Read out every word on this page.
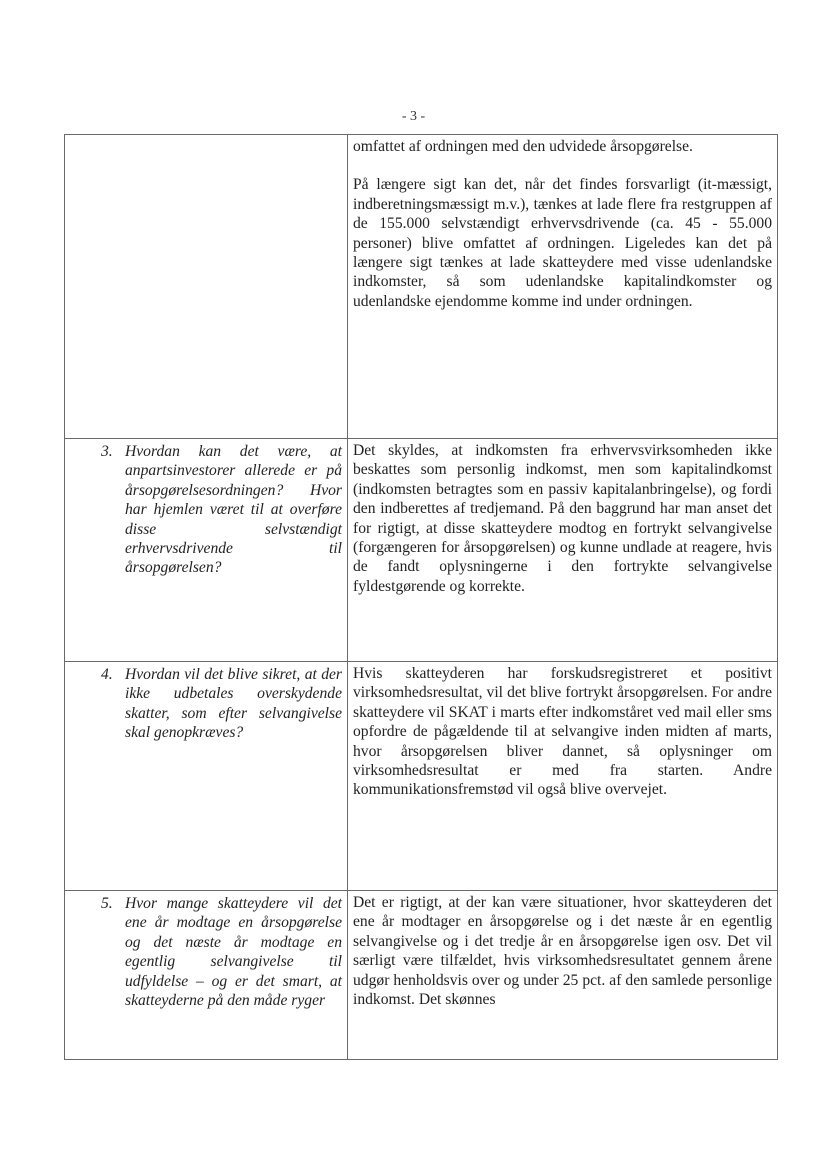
- 3 -

	omfattet af ordningen med den udvidede årsopgørelse.

På længere sigt kan det, når det findes forsvarligt (it-mæssigt, indberetningsmæssigt m.v.), tænkes at lade flere fra restgruppen af de 155.000 selvstændigt erhvervsdrivende (ca. 45 - 55.000 personer) blive omfattet af ordningen. Ligeledes kan det på længere sigt tænkes at lade skatteydere med visse udenlandske indkomster, så som udenlandske kapitalindkomster og udenlandske ejendomme komme ind under ordningen.

3. Hvordan kan det være, at anpartsinvestorer allerede er på årsopgørelsesordningen? Hvor har hjemlen været til at overføre disse selvstændigt erhvervsdrivende til årsopgørelsen?	Det skyldes, at indkomsten fra erhvervsvirksomheden ikke beskattes som personlig indkomst, men som kapitalindkomst (indkomsten betragtes som en passiv kapitalanbringelse), og fordi den indberettes af tredjemand. På den baggrund har man anset det for rigtigt, at disse skatteydere modtog en fortrykt selvangivelse (forgængeren for årsopgørelsen) og kunne undlade at reagere, hvis de fandt oplysningerne i den fortrykte selvangivelse fyldestgørende og korrekte.

4. Hvordan vil det blive sikret, at der ikke udbetales overskydende skatter, som efter selvangivelse skal genopkræves?	Hvis skatteyderen har forskudsregistreret et positivt virksomhedsresultat, vil det blive fortrykt årsopgørelsen. For andre skatteydere vil SKAT i marts efter indkomståret ved mail eller sms opfordre de pågældende til at selvangive inden midten af marts, hvor årsopgørelsen bliver dannet, så oplysninger om virksomhedsresultat er med fra starten. Andre kommunikationsfremstød vil også blive overvejet.

5. Hvor mange skatteydere vil det ene år modtage en årsopgørelse og det næste år modtage en egentlig selvangivelse til udfyldelse – og er det smart, at skatteyderne på den måde ryger	Det er rigtigt, at der kan være situationer, hvor skatteyderen det ene år modtager en årsopgørelse og i det næste år en egentlig selvangivelse og i det tredje år en årsopgørelse igen osv. Det vil særligt være tilfældet, hvis virksomhedsresultatet gennem årene udgør henholdsvis over og under 25 pct. af den samlede personlige indkomst. Det skønnes
